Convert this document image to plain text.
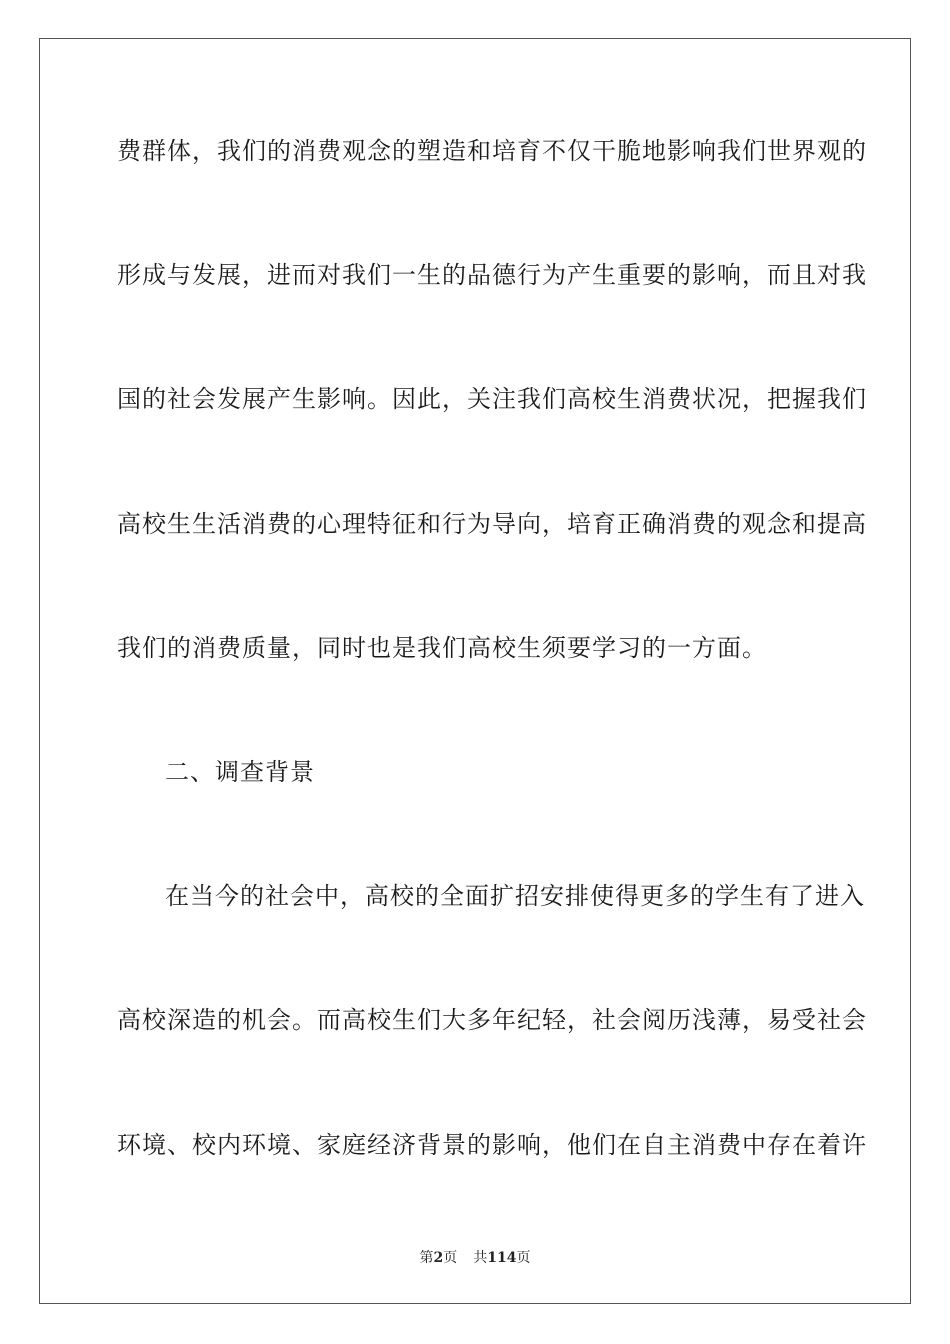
费群体，我们的消费观念的塑造和培育不仅干脆地影响我们世界观的
形成与发展，进而对我们一生的品德行为产生重要的影响，而且对我
国的社会发展产生影响。因此，关注我们高校生消费状况，把握我们
高校生生活消费的心理特征和行为导向，培育正确消费的观念和提高
我们的消费质量，同时也是我们高校生须要学习的一方面。
二、调查背景
在当今的社会中，高校的全面扩招安排使得更多的学生有了进入
高校深造的机会。而高校生们大多年纪轻，社会阅历浅薄，易受社会
环境、校内环境、家庭经济背景的影响，他们在自主消费中存在着许
第2页 共114页
